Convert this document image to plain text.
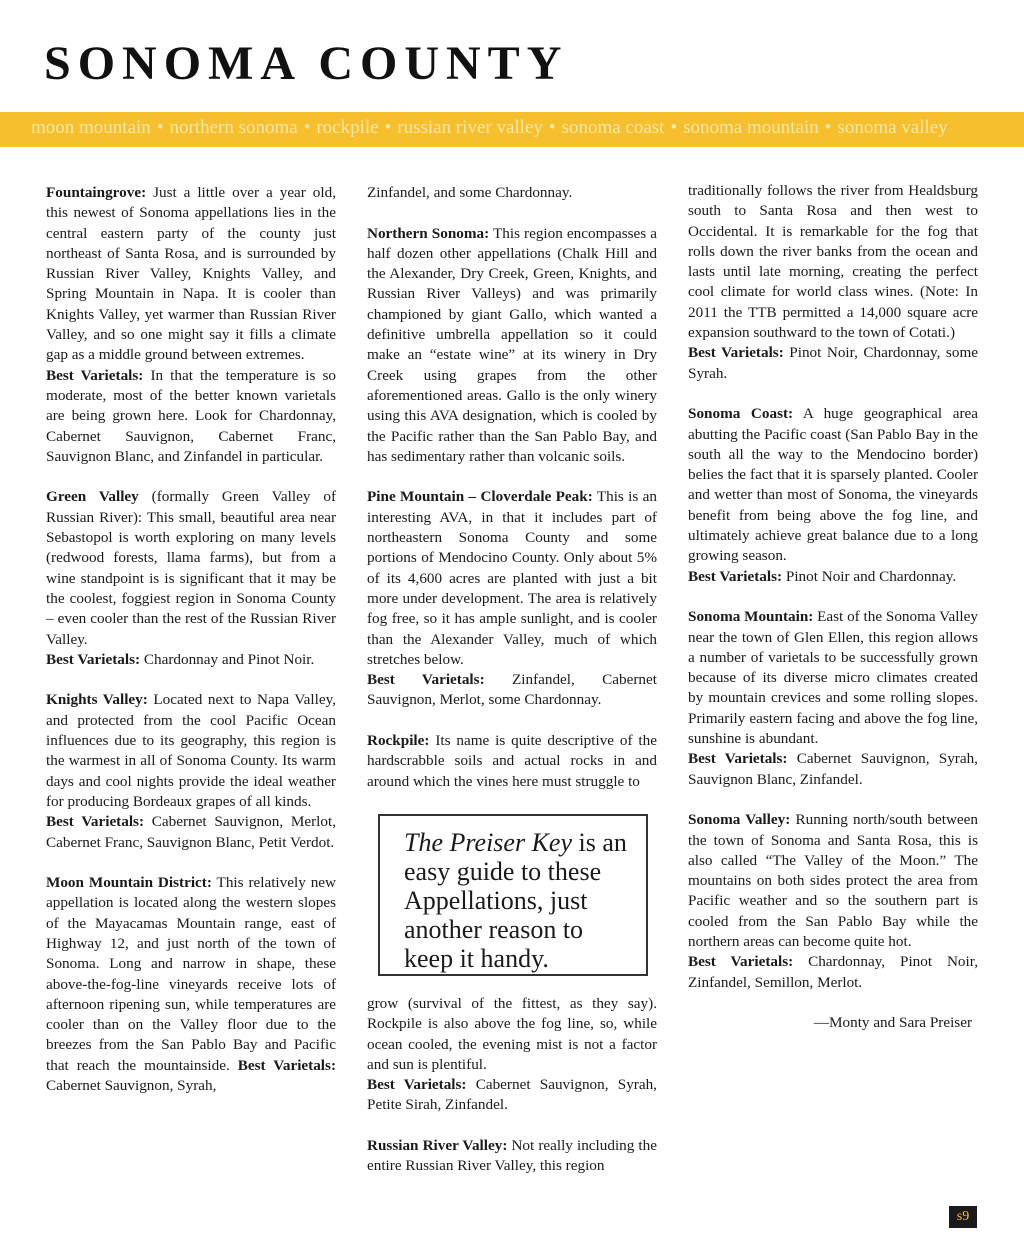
SONOMA COUNTY
moon mountain • northern sonoma • rockpile • russian river valley • sonoma coast • sonoma mountain • sonoma valley

Fountaingrove: Just a little over a year old, this newest of Sonoma appellations lies in the central eastern party of the county just northeast of Santa Rosa, and is surrounded by Russian River Valley, Knights Valley, and Spring Mountain in Napa. It is cooler than Knights Valley, yet warmer than Russian River Valley, and so one might say it fills a climate gap as a middle ground between extremes.
Best Varietals: In that the temperature is so moderate, most of the better known varietals are being grown here. Look for Chardonnay, Cabernet Sauvignon, Cabernet Franc, Sauvignon Blanc, and Zinfandel in particular.

Green Valley (formally Green Valley of Russian River): This small, beautiful area near Sebastopol is worth exploring on many levels (redwood forests, llama farms), but from a wine standpoint is is significant that it may be the coolest, foggiest region in Sonoma County – even cooler than the rest of the Russian River Valley.
Best Varietals: Chardonnay and Pinot Noir.

Knights Valley: Located next to Napa Valley, and protected from the cool Pacific Ocean influences due to its geography, this region is the warmest in all of Sonoma County. Its warm days and cool nights provide the ideal weather for producing Bordeaux grapes of all kinds.
Best Varietals: Cabernet Sauvignon, Merlot, Cabernet Franc, Sauvignon Blanc, Petit Verdot.

Moon Mountain District: This relatively new appellation is located along the western slopes of the Mayacamas Mountain range, east of Highway 12, and just north of the town of Sonoma. Long and narrow in shape, these above-the-fog-line vineyards receive lots of afternoon ripening sun, while temperatures are cooler than on the Valley floor due to the breezes from the San Pablo Bay and Pacific that reach the mountainside. Best Varietals: Cabernet Sauvignon, Syrah,

Zinfandel, and some Chardonnay.

Northern Sonoma: This region encompasses a half dozen other appellations (Chalk Hill and the Alexander, Dry Creek, Green, Knights, and Russian River Valleys) and was primarily championed by giant Gallo, which wanted a definitive umbrella appellation so it could make an “estate wine” at its winery in Dry Creek using grapes from the other aforementioned areas. Gallo is the only winery using this AVA designation, which is cooled by the Pacific rather than the San Pablo Bay, and has sedimentary rather than volcanic soils.

Pine Mountain – Cloverdale Peak: This is an interesting AVA, in that it includes part of northeastern Sonoma County and some portions of Mendocino County. Only about 5% of its 4,600 acres are planted with just a bit more under development. The area is relatively fog free, so it has ample sunlight, and is cooler than the Alexander Valley, much of which stretches below.
Best Varietals: Zinfandel, Cabernet Sauvignon, Merlot, some Chardonnay.

Rockpile: Its name is quite descriptive of the hardscrabble soils and actual rocks in and around which the vines here must struggle to

The Preiser Key is an easy guide to these Appellations, just another reason to keep it handy.

grow (survival of the fittest, as they say). Rockpile is also above the fog line, so, while ocean cooled, the evening mist is not a factor and sun is plentiful.
Best Varietals: Cabernet Sauvignon, Syrah, Petite Sirah, Zinfandel.

Russian River Valley: Not really including the entire Russian River Valley, this region

traditionally follows the river from Healdsburg south to Santa Rosa and then west to Occidental. It is remarkable for the fog that rolls down the river banks from the ocean and lasts until late morning, creating the perfect cool climate for world class wines. (Note: In 2011 the TTB permitted a 14,000 square acre expansion southward to the town of Cotati.)
Best Varietals: Pinot Noir, Chardonnay, some Syrah.

Sonoma Coast: A huge geographical area abutting the Pacific coast (San Pablo Bay in the south all the way to the Mendocino border) belies the fact that it is sparsely planted. Cooler and wetter than most of Sonoma, the vineyards benefit from being above the fog line, and ultimately achieve great balance due to a long growing season.
Best Varietals: Pinot Noir and Chardonnay.

Sonoma Mountain: East of the Sonoma Valley near the town of Glen Ellen, this region allows a number of varietals to be successfully grown because of its diverse micro climates created by mountain crevices and some rolling slopes. Primarily eastern facing and above the fog line, sunshine is abundant.
Best Varietals: Cabernet Sauvignon, Syrah, Sauvignon Blanc, Zinfandel.

Sonoma Valley: Running north/south between the town of Sonoma and Santa Rosa, this is also called “The Valley of the Moon.” The mountains on both sides protect the area from Pacific weather and so the southern part is cooled from the San Pablo Bay while the northern areas can become quite hot.
Best Varietals: Chardonnay, Pinot Noir, Zinfandel, Semillon, Merlot.

—Monty and Sara Preiser

s9
